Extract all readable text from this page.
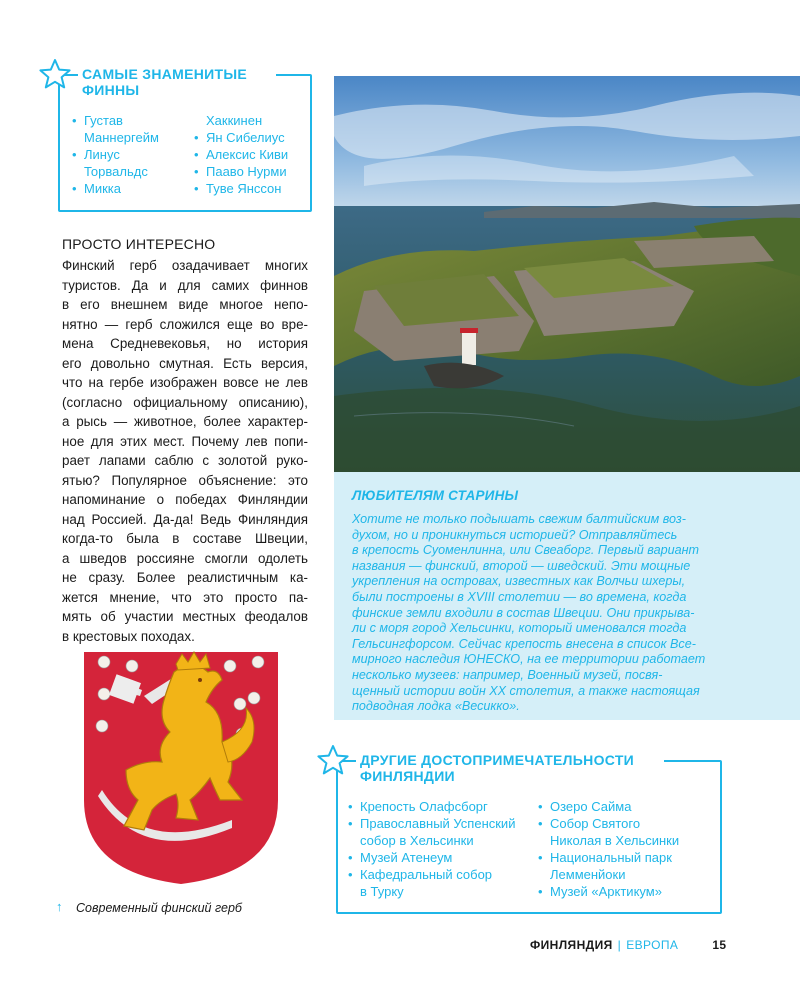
САМЫЕ ЗНАМЕНИТЫЕ ФИННЫ
• Густав
Маннергейм
• Линус
Торвальдс
• Микка
Хаккинен
• Ян Сибелиус
• Алексис Киви
• Пааво Нурми
• Туве Янссон
ПРОСТО ИНТЕРЕСНО
Финский герб озадачивает многих
туристов. Да и для самих финнов
в его внешнем виде многое непо-
нятно — герб сложился еще во вре-
мена Средневековья, но история
его довольно смутная. Есть версия,
что на гербе изображен вовсе не лев
(согласно официальному описанию),
а рысь — животное, более характер-
ное для этих мест. Почему лев попи-
рает лапами саблю с золотой руко-
ятью? Популярное объяснение: это
напоминание о победах Финляндии
над Россией. Да-да! Ведь Финляндия
когда-то была в составе Швеции,
а шведов россияне смогли одолеть
не сразу. Более реалистичным ка-
жется мнение, что это просто па-
мять об участии местных феодалов
в крестовых походах.
ЛЮБИТЕЛЯМ СТАРИНЫ
Хотите не только подышать свежим балтийским воз-
духом, но и проникнуться историей? Отправляйтесь
в крепость Суоменлинна, или Свеаборг. Первый вариант
названия — финский, второй — шведский. Эти мощные
укрепления на островах, известных как Волчьи шхеры,
были построены в XVIII столетии — во времена, когда
финские земли входили в состав Швеции. Они прикрыва-
ли с моря город Хельсинки, который именовался тогда
Гельсингфорсом. Сейчас крепость внесена в список Все-
мирного наследия ЮНЕСКО, на ее территории работает
несколько музеев: например, Военный музей, посвя-
щенный истории войн XX столетия, а также настоящая
подводная лодка «Весикко».
↑ Современный финский герб
ДРУГИЕ ДОСТОПРИМЕЧАТЕЛЬНОСТИ ФИНЛЯНДИИ
• Крепость Олафсборг
• Православный Успенский
собор в Хельсинки
• Музей Атенеум
• Кафедральный собор
в Турку
• Озеро Сайма
• Собор Святого
Николая в Хельсинки
• Национальный парк
Лемменйоки
• Музей «Арктикум»
ФИНЛЯНДИЯ | ЕВРОПА	15
